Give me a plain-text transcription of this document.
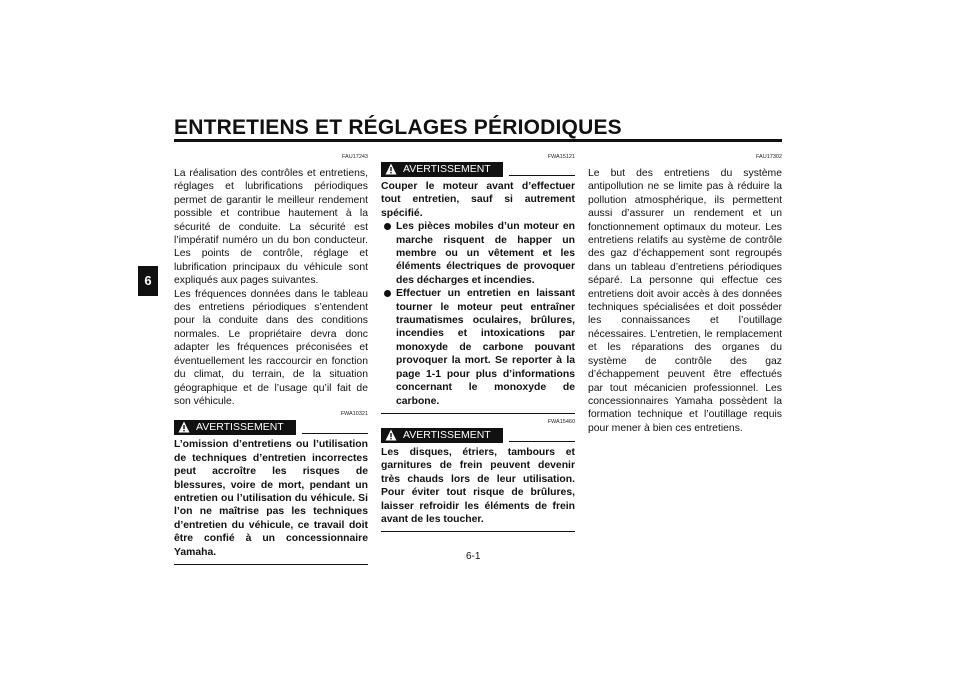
ENTRETIENS ET RÉGLAGES PÉRIODIQUES
6
FAU17243

La réalisation des contrôles et entretiens, réglages et lubrifications périodiques permet de garantir le meilleur rendement possible et contribue hautement à la sécurité de conduite. La sécurité est l’impératif numéro un du bon conducteur. Les points de contrôle, réglage et lubrification principaux du véhicule sont expliqués aux pages suivantes.

Les fréquences données dans le tableau des entretiens périodiques s’entendent pour la conduite dans des conditions normales. Le propriétaire devra donc adapter les fréquences préconisées et éventuellement les raccourcir en fonction du climat, du terrain, de la situation géographique et de l’usage qu’il fait de son véhicule.

FWA10321
AVERTISSEMENT

L’omission d’entretiens ou l’utilisation de techniques d’entretien incorrectes peut accroître les risques de blessures, voire de mort, pendant un entretien ou l’utilisation du véhicule. Si l’on ne maîtrise pas les techniques d’entretien du véhicule, ce travail doit être confié à un concessionnaire Yamaha.

FWA15121
AVERTISSEMENT

Couper le moteur avant d’effectuer tout entretien, sauf si autrement spécifié.

Les pièces mobiles d’un moteur en marche risquent de happer un membre ou un vêtement et les éléments électriques de provoquer des décharges et incendies.
Effectuer un entretien en laissant tourner le moteur peut entraîner traumatismes oculaires, brûlures, incendies et intoxications par monoxyde de carbone pouvant provoquer la mort. Se reporter à la page 1-1 pour plus d’informations concernant le monoxyde de carbone.
FWA15460
AVERTISSEMENT

Les disques, étriers, tambours et garnitures de frein peuvent devenir très chauds lors de leur utilisation. Pour éviter tout risque de brûlures, laisser refroidir les éléments de frein avant de les toucher.

FAU17302

Le but des entretiens du système antipollution ne se limite pas à réduire la pollution atmosphérique, ils permettent aussi d’assurer un rendement et un fonctionnement optimaux du moteur. Les entretiens relatifs au système de contrôle des gaz d’échappement sont regroupés dans un tableau d’entretiens périodiques séparé. La personne qui effectue ces entretiens doit avoir accès à des données techniques spécialisées et doit posséder les connaissances et l’outillage nécessaires. L’entretien, le remplacement et les réparations des organes du système de contrôle des gaz d’échappement peuvent être effectués par tout mécanicien professionnel. Les concessionnaires Yamaha possèdent la formation technique et l’outillage requis pour mener à bien ces entretiens.

6-1
